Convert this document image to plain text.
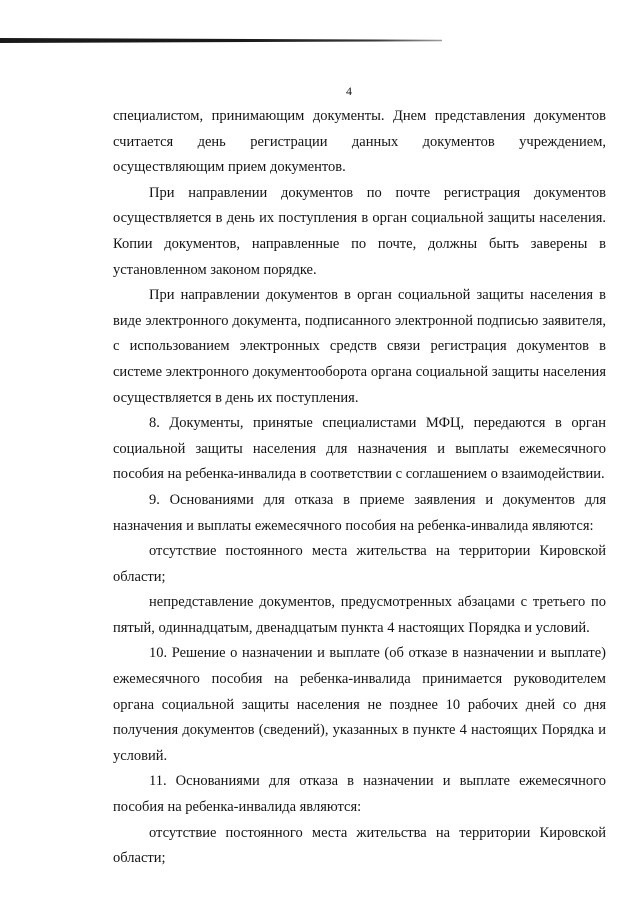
4

специалистом, принимающим документы. Днем представления документов считается день регистрации данных документов учреждением, осуществляющим прием документов.

При направлении документов по почте регистрация документов осуществляется в день их поступления в орган социальной защиты населения. Копии документов, направленные по почте, должны быть заверены в установленном законом порядке.

При направлении документов в орган социальной защиты населения в виде электронного документа, подписанного электронной подписью заявителя, с использованием электронных средств связи регистрация документов в системе электронного документооборота органа социальной защиты населения осуществляется в день их поступления.

8. Документы, принятые специалистами МФЦ, передаются в орган социальной защиты населения для назначения и выплаты ежемесячного пособия на ребенка-инвалида в соответствии с соглашением о взаимодействии.

9. Основаниями для отказа в приеме заявления и документов для назначения и выплаты ежемесячного пособия на ребенка-инвалида являются:

отсутствие постоянного места жительства на территории Кировской области;

непредставление документов, предусмотренных абзацами с третьего по пятый, одиннадцатым, двенадцатым пункта 4 настоящих Порядка и условий.

10. Решение о назначении и выплате (об отказе в назначении и выплате) ежемесячного пособия на ребенка-инвалида принимается руководителем органа социальной защиты населения не позднее 10 рабочих дней со дня получения документов (сведений), указанных в пункте 4 настоящих Порядка и условий.

11. Основаниями для отказа в назначении и выплате ежемесячного пособия на ребенка-инвалида являются:

отсутствие постоянного места жительства на территории Кировской области;
